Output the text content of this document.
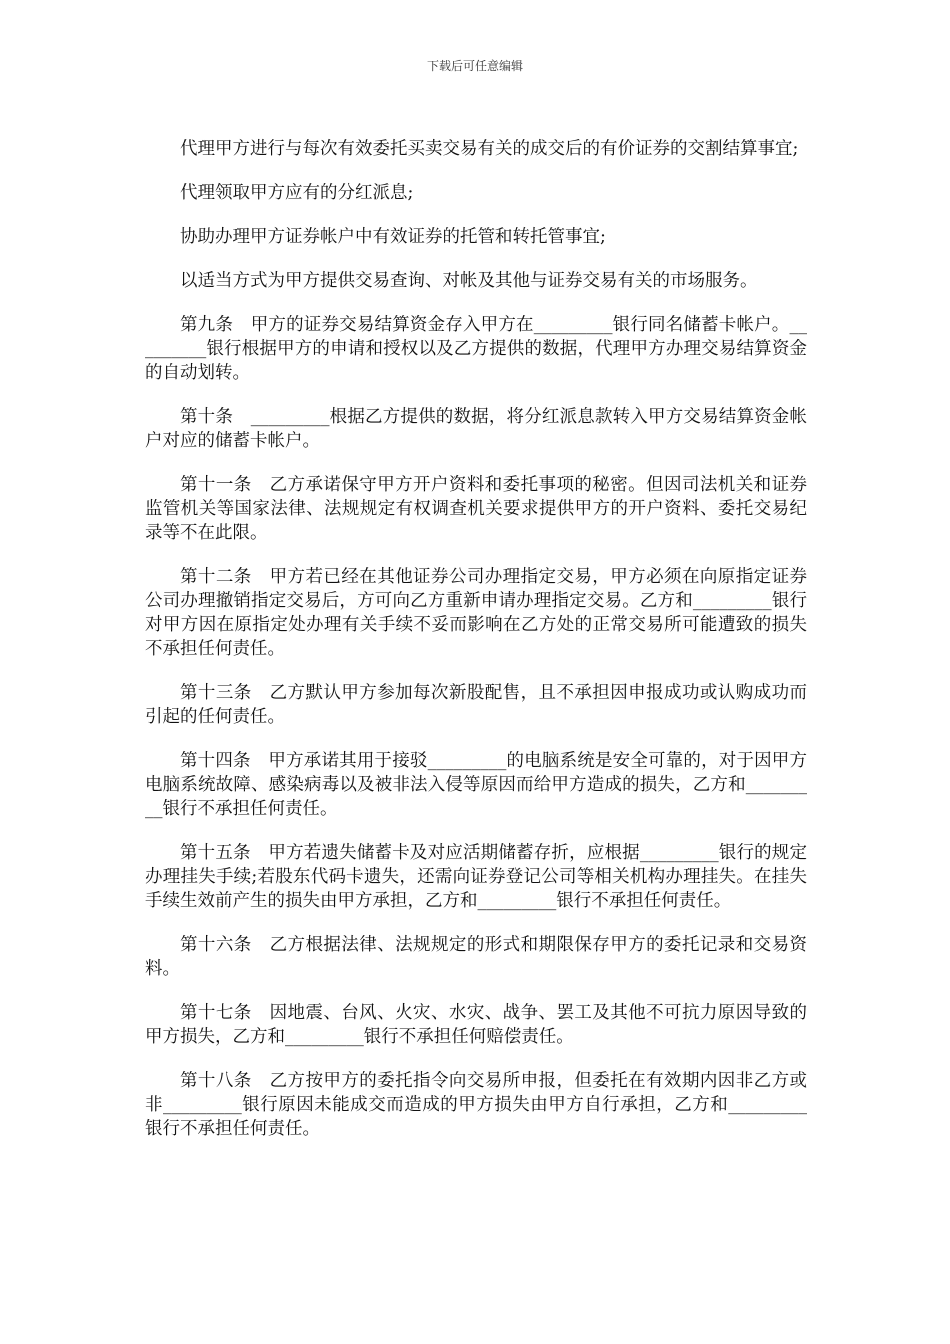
下载后可任意编辑

代理甲方进行与每次有效委托买卖交易有关的成交后的有价证券的交割结算事宜;

代理领取甲方应有的分红派息;

协助办理甲方证券帐户中有效证券的托管和转托管事宜;

以适当方式为甲方提供交易查询、对帐及其他与证券交易有关的市场服务。

第九条　甲方的证券交易结算资金存入甲方在_________银行同名储蓄卡帐户。_________银行根据甲方的申请和授权以及乙方提供的数据，代理甲方办理交易结算资金的自动划转。

第十条　_________根据乙方提供的数据，将分红派息款转入甲方交易结算资金帐户对应的储蓄卡帐户。

第十一条　乙方承诺保守甲方开户资料和委托事项的秘密。但因司法机关和证券监管机关等国家法律、法规规定有权调查机关要求提供甲方的开户资料、委托交易纪录等不在此限。

第十二条　甲方若已经在其他证券公司办理指定交易，甲方必须在向原指定证券公司办理撤销指定交易后，方可向乙方重新申请办理指定交易。乙方和_________银行对甲方因在原指定处办理有关手续不妥而影响在乙方处的正常交易所可能遭致的损失不承担任何责任。

第十三条　乙方默认甲方参加每次新股配售，且不承担因申报成功或认购成功而引起的任何责任。

第十四条　甲方承诺其用于接驳_________的电脑系统是安全可靠的，对于因甲方电脑系统故障、感染病毒以及被非法入侵等原因而给甲方造成的损失，乙方和_________银行不承担任何责任。

第十五条　甲方若遗失储蓄卡及对应活期储蓄存折，应根据_________银行的规定办理挂失手续;若股东代码卡遗失，还需向证券登记公司等相关机构办理挂失。在挂失手续生效前产生的损失由甲方承担，乙方和_________银行不承担任何责任。

第十六条　乙方根据法律、法规规定的形式和期限保存甲方的委托记录和交易资料。

第十七条　因地震、台风、火灾、水灾、战争、罢工及其他不可抗力原因导致的甲方损失，乙方和_________银行不承担任何赔偿责任。

第十八条　乙方按甲方的委托指令向交易所申报，但委托在有效期内因非乙方或非_________银行原因未能成交而造成的甲方损失由甲方自行承担，乙方和_________银行不承担任何责任。
